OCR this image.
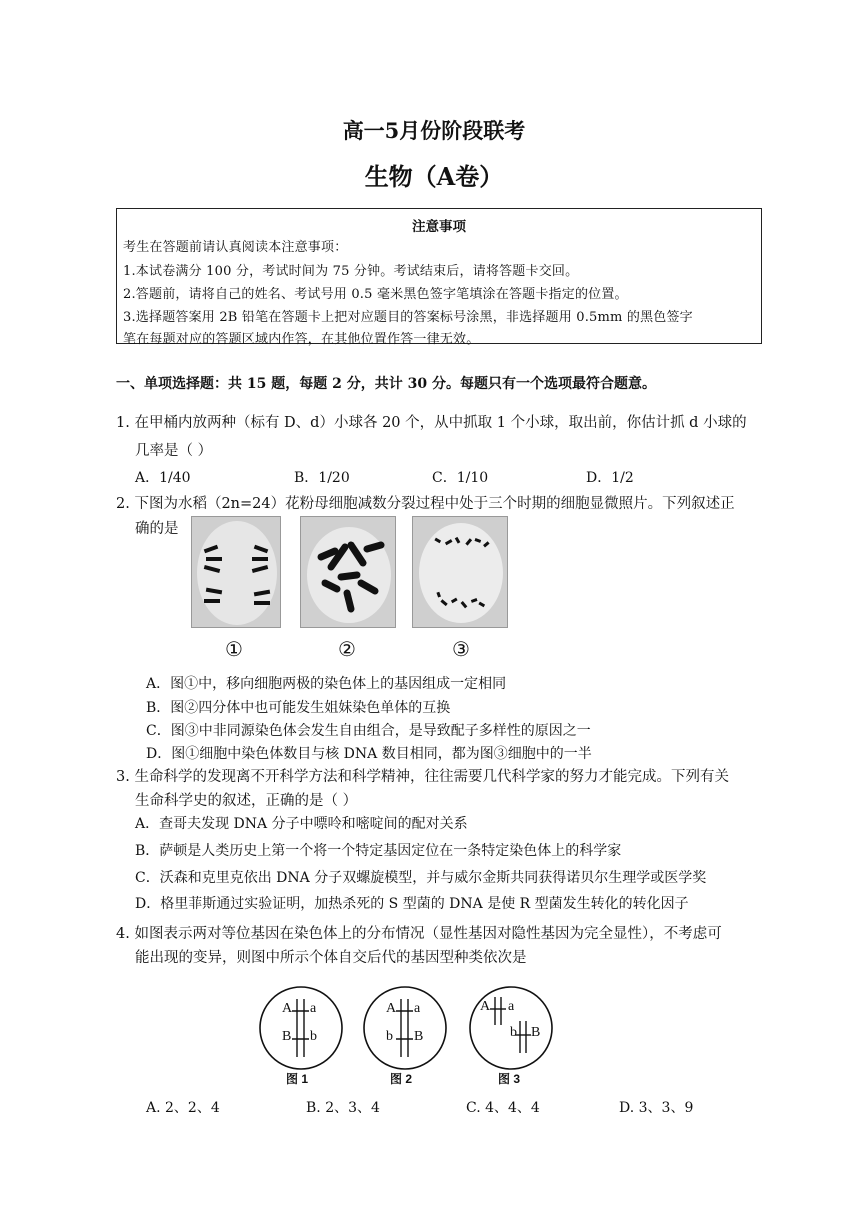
高一5月份阶段联考
生物（A卷）
注意事项
考生在答题前请认真阅读本注意事项：
1.本试卷满分 100 分，考试时间为 75 分钟。考试结束后，请将答题卡交回。
2.答题前，请将自己的姓名、考试号用 0.5 毫米黑色签字笔填涂在答题卡指定的位置。
3.选择题答案用 2B 铅笔在答题卡上把对应题目的答案标号涂黑，非选择题用 0.5mm 的黑色签字
笔在每题对应的答题区域内作答，在其他位置作答一律无效。
一、单项选择题：共 15 题，每题 2 分，共计 30 分。每题只有一个选项最符合题意。
1. 在甲桶内放两种（标有 D、d）小球各 20 个，从中抓取 1 个小球，取出前，你估计抓 d 小球的
几率是（ ）
A．1/40	B．1/20	C．1/10	D．1/2
2. 下图为水稻（2n=24）花粉母细胞减数分裂过程中处于三个时期的细胞显微照片。下列叙述正
确的是
①	②	③
A．图①中，移向细胞两极的染色体上的基因组成一定相同
B．图②四分体中也可能发生姐妹染色单体的互换
C．图③中非同源染色体会发生自由组合，是导致配子多样性的原因之一
D．图①细胞中染色体数目与核 DNA 数目相同，都为图③细胞中的一半
3. 生命科学的发现离不开科学方法和科学精神，往往需要几代科学家的努力才能完成。下列有关
生命科学史的叙述，正确的是（ ）
A．查哥夫发现 DNA 分子中嘌呤和嘧啶间的配对关系
B．萨顿是人类历史上第一个将一个特定基因定位在一条特定染色体上的科学家
C．沃森和克里克依出 DNA 分子双螺旋模型，并与威尔金斯共同获得诺贝尔生理学或医学奖
D．格里菲斯通过实验证明，加热杀死的 S 型菌的 DNA 是使 R 型菌发生转化的转化因子
4. 如图表示两对等位基因在染色体上的分布情况（显性基因对隐性基因为完全显性），不考虑可
能出现的变异，则图中所示个体自交后代的基因型种类依次是
A a
B b
图 1
A a
b B
图 2
A a
b B
图 3
A. 2、2、4	B. 2、3、4	C. 4、4、4	D. 3、3、9
